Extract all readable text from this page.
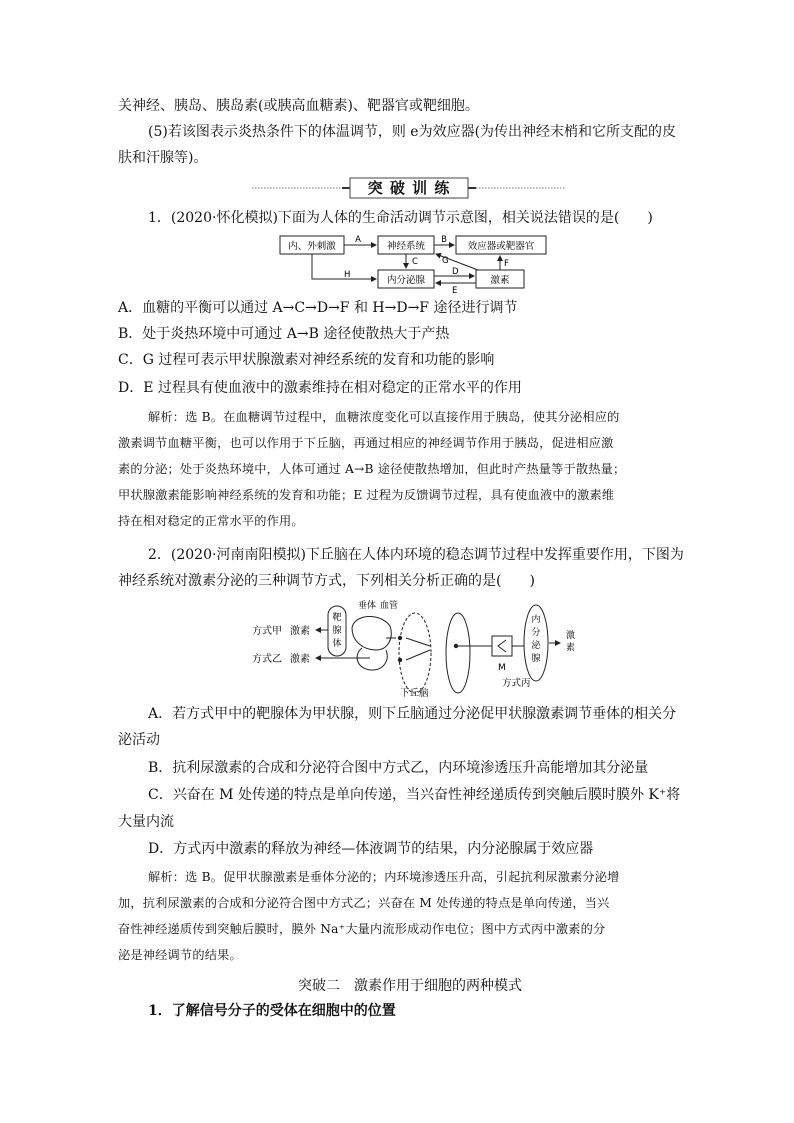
关神经、胰岛、胰岛素(或胰高血糖素)、靶器官或靶细胞。
(5)若该图表示炎热条件下的体温调节，则 e为效应器(为传出神经末梢和它所支配的皮
肤和汗腺等)。
突 破 训 练
1．(2020·怀化模拟)下面为人体的生命活动调节示意图，相关说法错误的是(　　)
内、外刺激	神经系统	效应器或靶器官
内分泌腺	激素
A	B
C
D
E
F
G
H
A．血糖的平衡可以通过 A→C→D→F 和 H→D→F 途径进行调节
B．处于炎热环境中可通过 A→B 途径使散热大于产热
C．G 过程可表示甲状腺激素对神经系统的发育和功能的影响
D．E 过程具有使血液中的激素维持在相对稳定的正常水平的作用
解析：选 B。在血糖调节过程中，血糖浓度变化可以直接作用于胰岛，使其分泌相应的
激素调节血糖平衡，也可以作用于下丘脑，再通过相应的神经调节作用于胰岛，促进相应激
素的分泌；处于炎热环境中，人体可通过 A→B 途径使散热增加，但此时产热量等于散热量；
甲状腺激素能影响神经系统的发育和功能；E 过程为反馈调节过程，具有使血液中的激素维
持在相对稳定的正常水平的作用。
2．(2020·河南南阳模拟)下丘脑在人体内环境的稳态调节过程中发挥重要作用，下图为
神经系统对激素分泌的三种调节方式，下列相关分析正确的是(　　)
方式甲 激素
方式乙 激素
靶
腺
体
垂体 血管
下丘脑
M
方式丙
内
分
泌
腺
激
素
A．若方式甲中的靶腺体为甲状腺，则下丘脑通过分泌促甲状腺激素调节垂体的相关分
泌活动
B．抗利尿激素的合成和分泌符合图中方式乙，内环境渗透压升高能增加其分泌量
C．兴奋在 M 处传递的特点是单向传递，当兴奋性神经递质传到突触后膜时膜外 K⁺将
大量内流
D．方式丙中激素的释放为神经—体液调节的结果，内分泌腺属于效应器
解析：选 B。促甲状腺激素是垂体分泌的；内环境渗透压升高，引起抗利尿激素分泌增
加，抗利尿激素的合成和分泌符合图中方式乙；兴奋在 M 处传递的特点是单向传递，当兴
奋性神经递质传到突触后膜时，膜外 Na⁺大量内流形成动作电位；图中方式丙中激素的分
泌是神经调节的结果。
突破二　激素作用于细胞的两种模式
1．了解信号分子的受体在细胞中的位置
